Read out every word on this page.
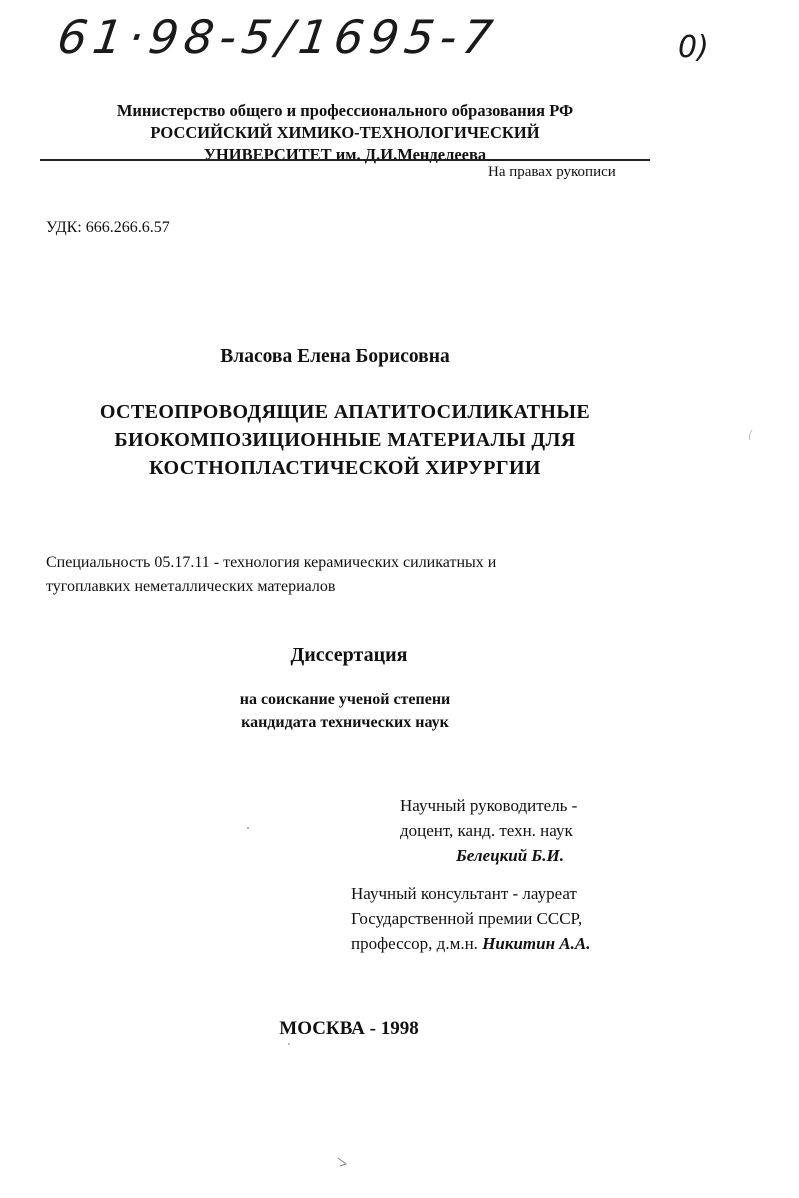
61·98-5/1695-7	0)
Министерство общего и профессионального образования РФ
РОССИЙСКИЙ ХИМИКО-ТЕХНОЛОГИЧЕСКИЙ
УНИВЕРСИТЕТ им. Д.И.Менделеева
На правах рукописи
УДК: 666.266.6.57
Власова Елена Борисовна
ОСТЕОПРОВОДЯЩИЕ АПАТИТОСИЛИКАТНЫЕ
БИОКОМПОЗИЦИОННЫЕ МАТЕРИАЛЫ ДЛЯ
КОСТНОПЛАСТИЧЕСКОЙ ХИРУРГИИ
Специальность 05.17.11 - технология керамических силикатных и
тугоплавких неметаллических материалов
Диссертация
на соискание ученой степени
кандидата технических наук
Научный руководитель -
доцент, канд. техн. наук
Белецкий Б.И.
Научный консультант - лауреат
Государственной премии СССР,
профессор, д.м.н. Никитин А.А.
МОСКВА - 1998
